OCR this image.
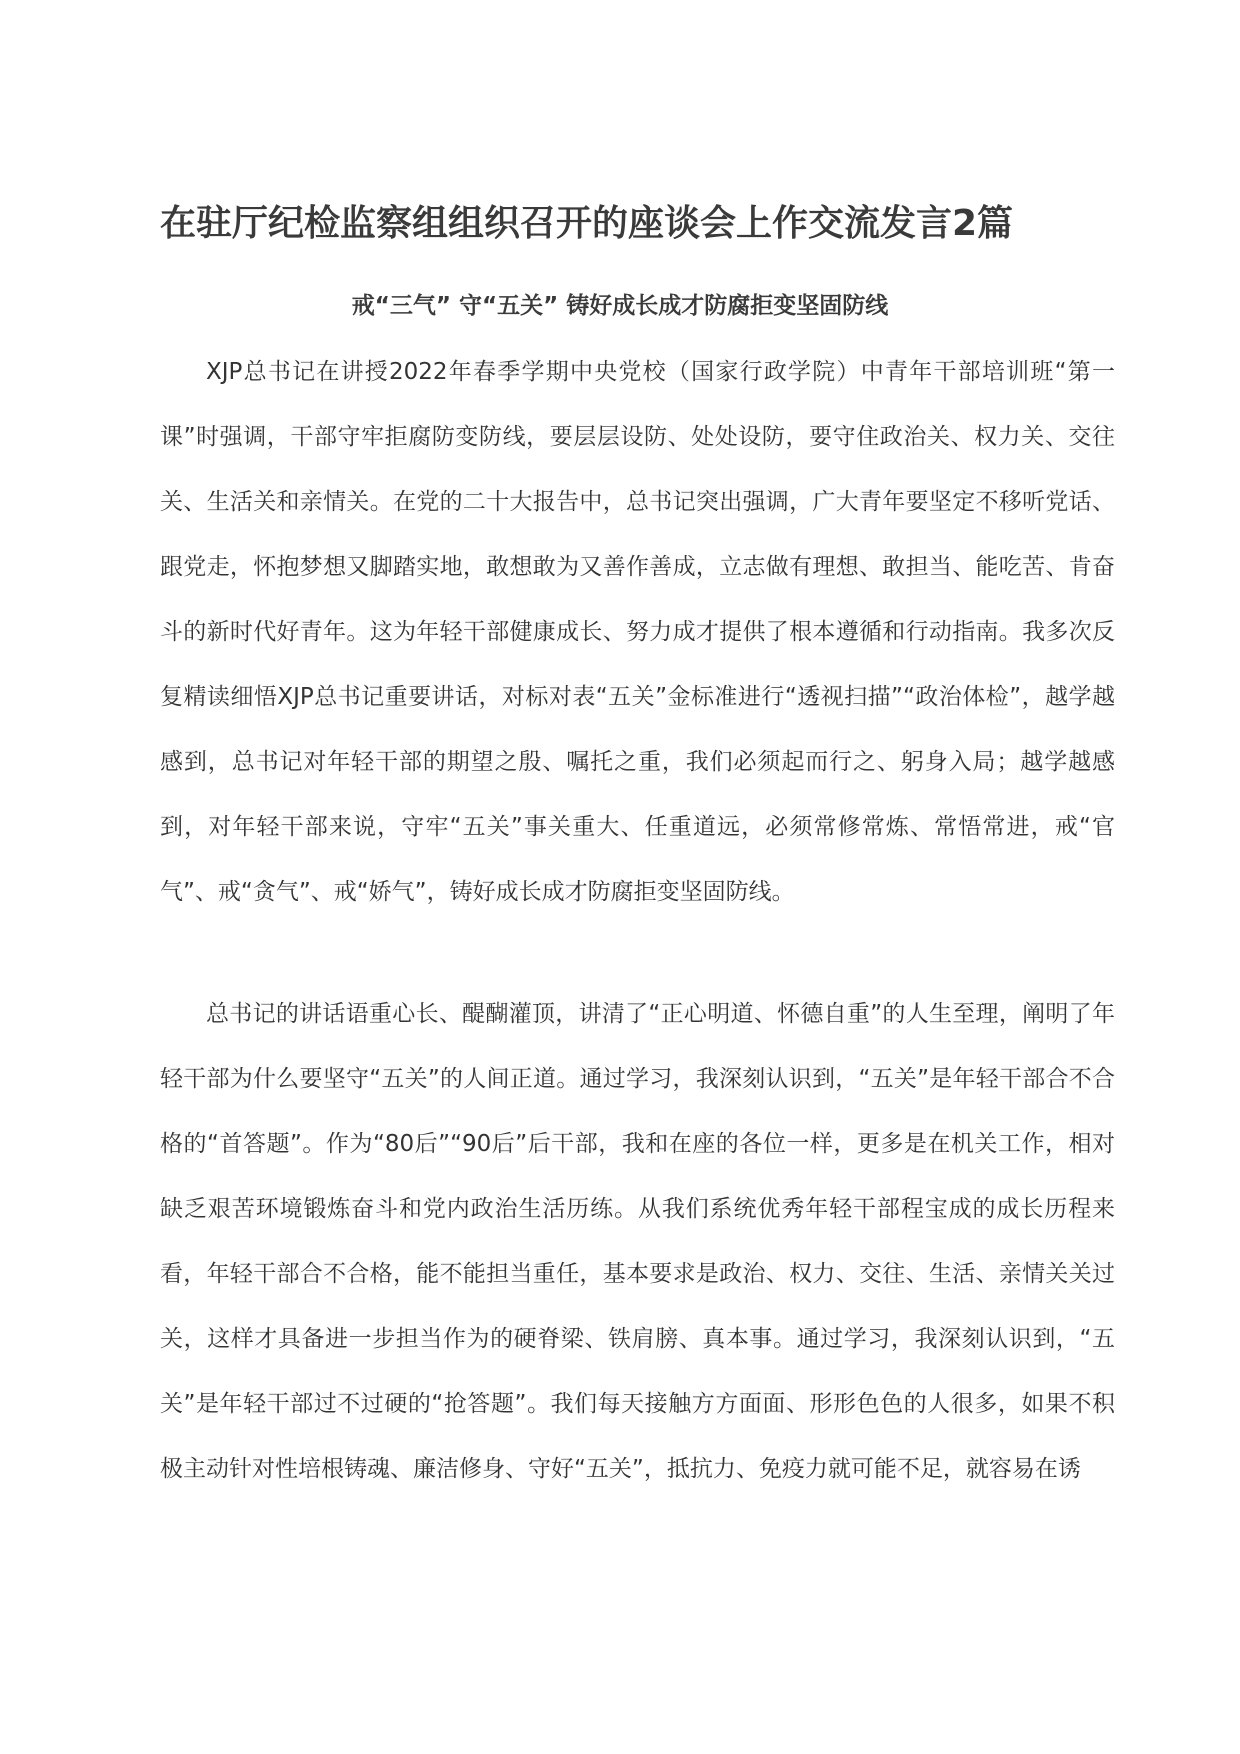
在驻厅纪检监察组组织召开的座谈会上作交流发言2篇
戒“三气” 守“五关” 铸好成长成才防腐拒变坚固防线

XJP总书记在讲授2022年春季学期中央党校（国家行政学院）中青年干部培训班“第一课”时强调，干部守牢拒腐防变防线，要层层设防、处处设防，要守住政治关、权力关、交往关、生活关和亲情关。在党的二十大报告中，总书记突出强调，广大青年要坚定不移听党话、跟党走，怀抱梦想又脚踏实地，敢想敢为又善作善成，立志做有理想、敢担当、能吃苦、肯奋斗的新时代好青年。这为年轻干部健康成长、努力成才提供了根本遵循和行动指南。我多次反复精读细悟XJP总书记重要讲话，对标对表“五关”金标准进行“透视扫描”“政治体检”，越学越感到，总书记对年轻干部的期望之殷、嘱托之重，我们必须起而行之、躬身入局；越学越感到，对年轻干部来说，守牢“五关”事关重大、任重道远，必须常修常炼、常悟常进，戒“官气”、戒“贪气”、戒“娇气”，铸好成长成才防腐拒变坚固防线。

总书记的讲话语重心长、醍醐灌顶，讲清了“正心明道、怀德自重”的人生至理，阐明了年轻干部为什么要坚守“五关”的人间正道。通过学习，我深刻认识到，“五关”是年轻干部合不合格的“首答题”。作为“80后”“90后”后干部，我和在座的各位一样，更多是在机关工作，相对缺乏艰苦环境锻炼奋斗和党内政治生活历练。从我们系统优秀年轻干部程宝成的成长历程来看，年轻干部合不合格，能不能担当重任，基本要求是政治、权力、交往、生活、亲情关关过关，这样才具备进一步担当作为的硬脊梁、铁肩膀、真本事。通过学习，我深刻认识到，“五关”是年轻干部过不过硬的“抢答题”。我们每天接触方方面面、形形色色的人很多，如果不积极主动针对性培根铸魂、廉洁修身、守好“五关”，抵抗力、免疫力就可能不足，就容易在诱
